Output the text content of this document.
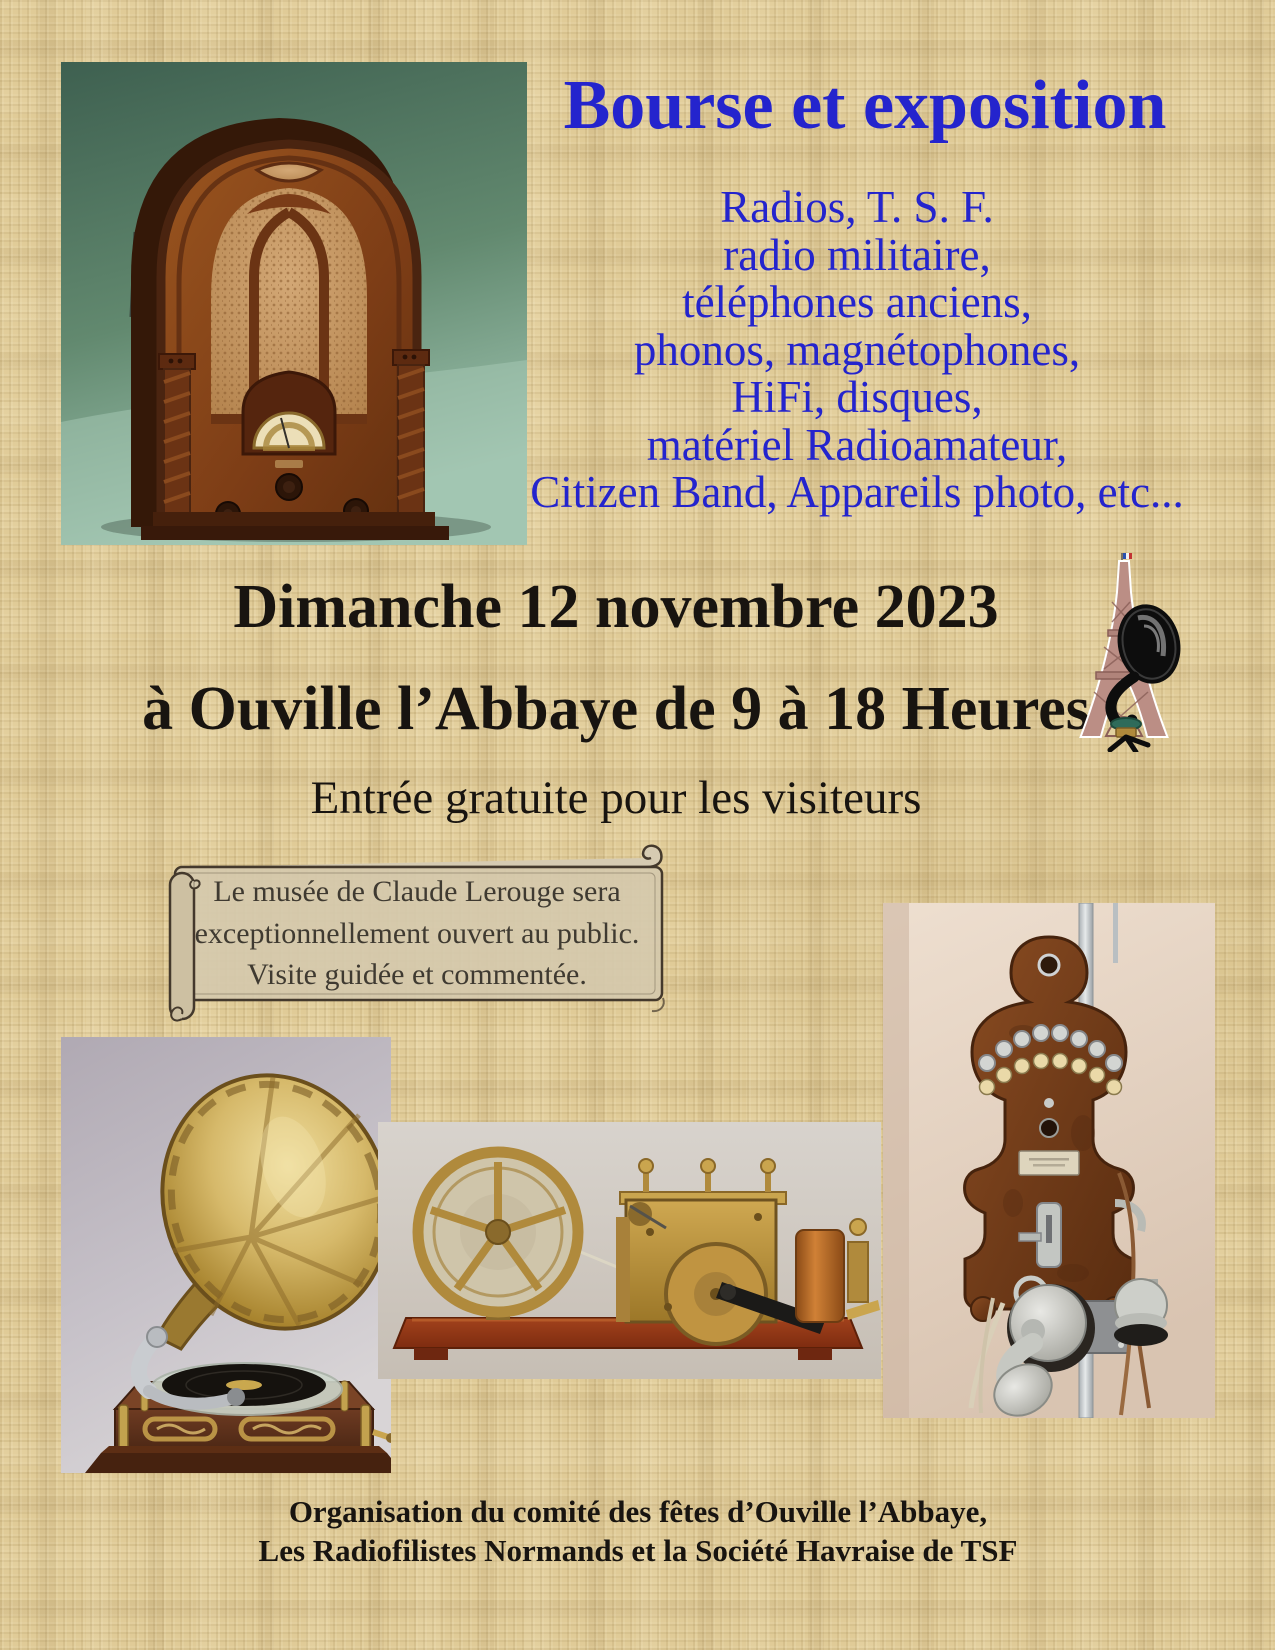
Bourse et exposition
Radios, T. S. F.
radio militaire,
téléphones anciens,
phonos, magnétophones,
HiFi, disques,
matériel Radioamateur,
Citizen Band, Appareils photo, etc...
Dimanche 12 novembre 2023
à Ouville l’Abbaye de 9 à 18 Heures
Entrée gratuite pour les visiteurs
Le musée de Claude Lerouge sera
exceptionnellement ouvert au public.
Visite guidée et commentée.
Organisation du comité des fêtes d’Ouville l’Abbaye,
Les Radiofilistes Normands et la Société Havraise de TSF
